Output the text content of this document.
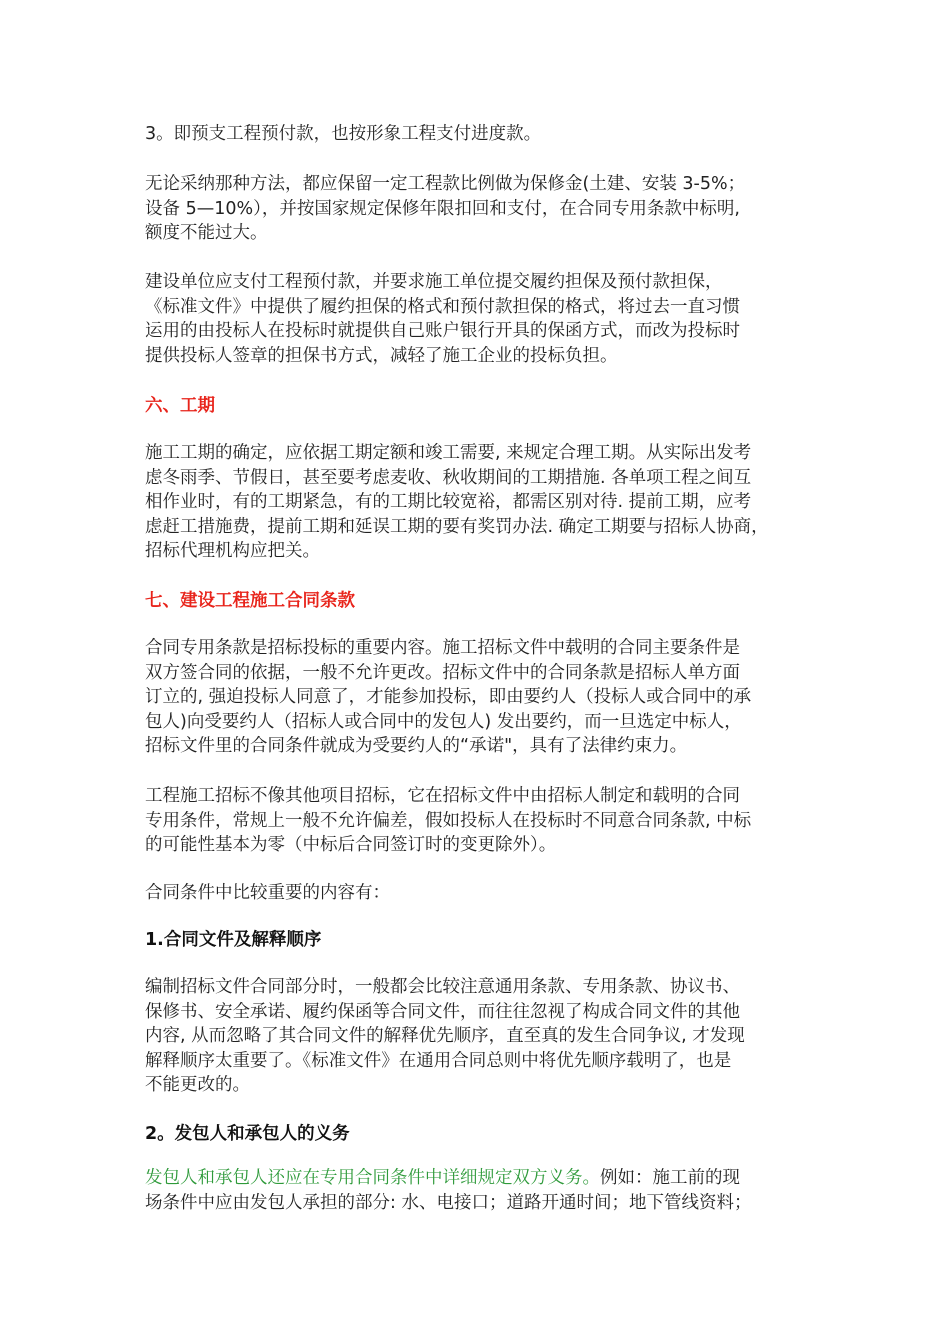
3。即预支工程预付款，也按形象工程支付进度款。

无论采纳那种方法，都应保留一定工程款比例做为保修金(土建、安装 3-5%；

设备 5—10%），并按国家规定保修年限扣回和支付，在合同专用条款中标明,

额度不能过大。

建设单位应支付工程预付款，并要求施工单位提交履约担保及预付款担保，

《标准文件》中提供了履约担保的格式和预付款担保的格式，将过去一直习惯

运用的由投标人在投标时就提供自己账户银行开具的保函方式，而改为投标时

提供投标人签章的担保书方式，减轻了施工企业的投标负担。

六、工期

施工工期的确定，应依据工期定额和竣工需要, 来规定合理工期。从实际出发考

虑冬雨季、节假日，甚至要考虑麦收、秋收期间的工期措施. 各单项工程之间互

相作业时，有的工期紧急，有的工期比较宽裕，都需区别对待. 提前工期，应考

虑赶工措施费，提前工期和延误工期的要有奖罚办法. 确定工期要与招标人协商，

招标代理机构应把关。

七、建设工程施工合同条款

合同专用条款是招标投标的重要内容。施工招标文件中载明的合同主要条件是

双方签合同的依据，一般不允许更改。招标文件中的合同条款是招标人单方面

订立的, 强迫投标人同意了，才能参加投标，即由要约人（投标人或合同中的承

包人)向受要约人（招标人或合同中的发包人) 发出要约，而一旦选定中标人，

招标文件里的合同条件就成为受要约人的“承诺"，具有了法律约束力。

工程施工招标不像其他项目招标，它在招标文件中由招标人制定和载明的合同

专用条件，常规上一般不允许偏差，假如投标人在投标时不同意合同条款, 中标

的可能性基本为零（中标后合同签订时的变更除外）。

合同条件中比较重要的内容有：

1.合同文件及解释顺序

编制招标文件合同部分时，一般都会比较注意通用条款、专用条款、协议书、

保修书、安全承诺、履约保函等合同文件，而往往忽视了构成合同文件的其他

内容, 从而忽略了其合同文件的解释优先顺序，直至真的发生合同争议, 才发现

解释顺序太重要了。《标准文件》在通用合同总则中将优先顺序载明了，也是

不能更改的。

2。发包人和承包人的义务

发包人和承包人还应在专用合同条件中详细规定双方义务。例如：施工前的现

场条件中应由发包人承担的部分: 水、电接口；道路开通时间；地下管线资料；
